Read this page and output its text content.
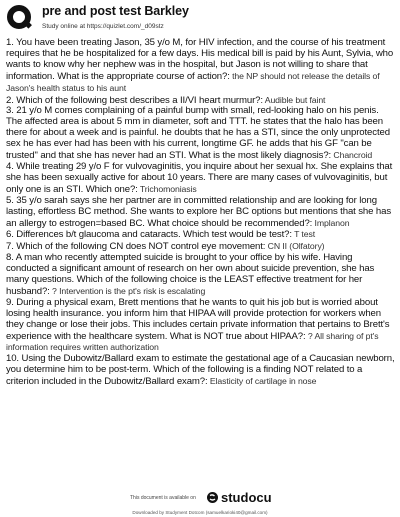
pre and post test Barkley
Study online at https://quizlet.com/_d09stz

1. You have been treating Jason, 35 y/o M, for HIV infection, and the course of his treatment requires that he be hospitalized for a few days. His medical bill is paid by his Aunt, Sylvia, who wants to know why her nephew was in the hospital, but Jason is not willing to share that information. What is the appropriate course of action?: the NP should not release the details of Jason's health status to his aunt

2. Which of the following best describes a II/VI heart murmur?: Audible but faint

3. 21 y/o M comes complaining of a painful bump with small, red-looking halo on his penis. The affected area is about 5 mm in diameter, soft and TTT. he states that the halo has been there for about a week and is painful. he doubts that he has a STI, since the only unprotected sex he has ever had has been with his current, longtime GF. he adds that his GF "can be trusted" and that she has never had an STI. What is the most likely diagnosis?: Chancroid

4. While treating 29 y/o F for vulvovaginitis, you inquire about her sexual hx. She explains that she has been sexually active for about 10 years. There are many cases of vulvovaginitis, but only one is an STI. Which one?: Trichomoniasis

5. 35 y/o sarah says she her partner are in committed relationship and are looking for long lasting, effortless BC method. She wants to explore her BC options but mentions that she has an allergy to estrogen=based BC. What choice should be recommended?: Implanon

6. Differences b/t glaucoma and cataracts. Which test would be test?: T test

7. Which of the following CN does NOT control eye movement: CN II (Olfatory)

8. A man who recently attempted suicide is brought to your office by his wife. Having conducted a significant amount of research on her own about suicide prevention, she has many questions. Which of the following choice is the LEAST effective treatment for her husband?: ? Intervention is the pt's risk is escalating

9. During a physical exam, Brett mentions that he wants to quit his job but is worried about losing health insurance. you inform him that HIPAA will provide protection for workers when they change or lose their jobs. This includes certain private information that pertains to Brett's experience with the healthcare system. What is NOT true about HIPAA?: ? All sharing of pt's information requires written authorization

10. Using the Dubowitz/Ballard exam to estimate the gestational age of a Caucasian newborn, you determine him to be post-term. Which of the following is a finding NOT related to a criterion included in the Dubowitz/Ballard exam?: Elasticity of cartilage in nose

This document is available on studocu
Downloaded by Studyment Dotcom (samuelkarioki40@gmail.com)
